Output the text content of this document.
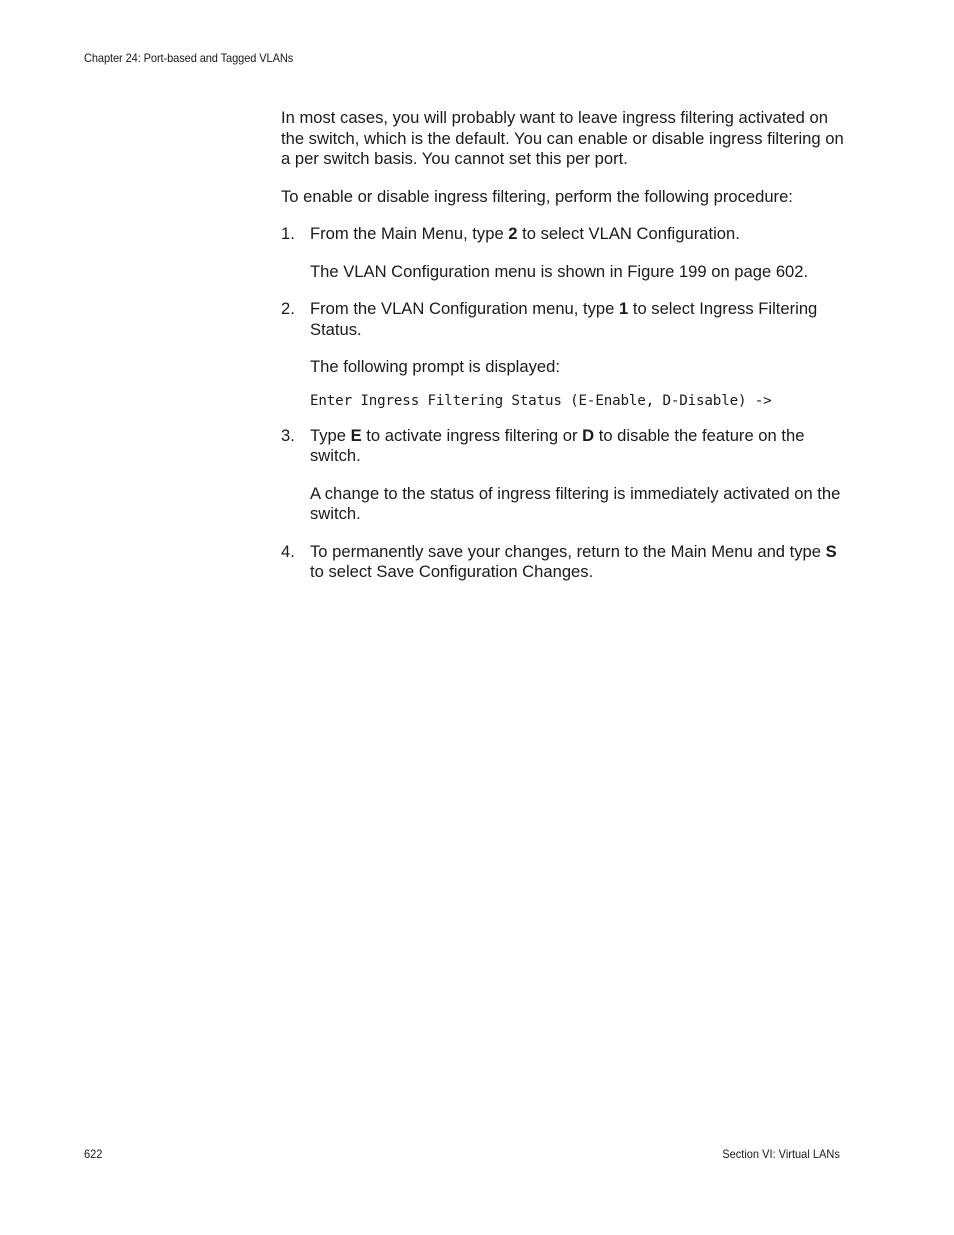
Chapter 24: Port-based and Tagged VLANs

In most cases, you will probably want to leave ingress filtering activated on the switch, which is the default. You can enable or disable ingress filtering on a per switch basis. You cannot set this per port.

To enable or disable ingress filtering, perform the following procedure:

1. From the Main Menu, type 2 to select VLAN Configuration.

The VLAN Configuration menu is shown in Figure 199 on page 602.

2. From the VLAN Configuration menu, type 1 to select Ingress Filtering Status.

The following prompt is displayed:

Enter Ingress Filtering Status (E-Enable, D-Disable) ->
3. Type E to activate ingress filtering or D to disable the feature on the switch.

A change to the status of ingress filtering is immediately activated on the switch.

4. To permanently save your changes, return to the Main Menu and type S to select Save Configuration Changes.
622	Section VI: Virtual LANs
